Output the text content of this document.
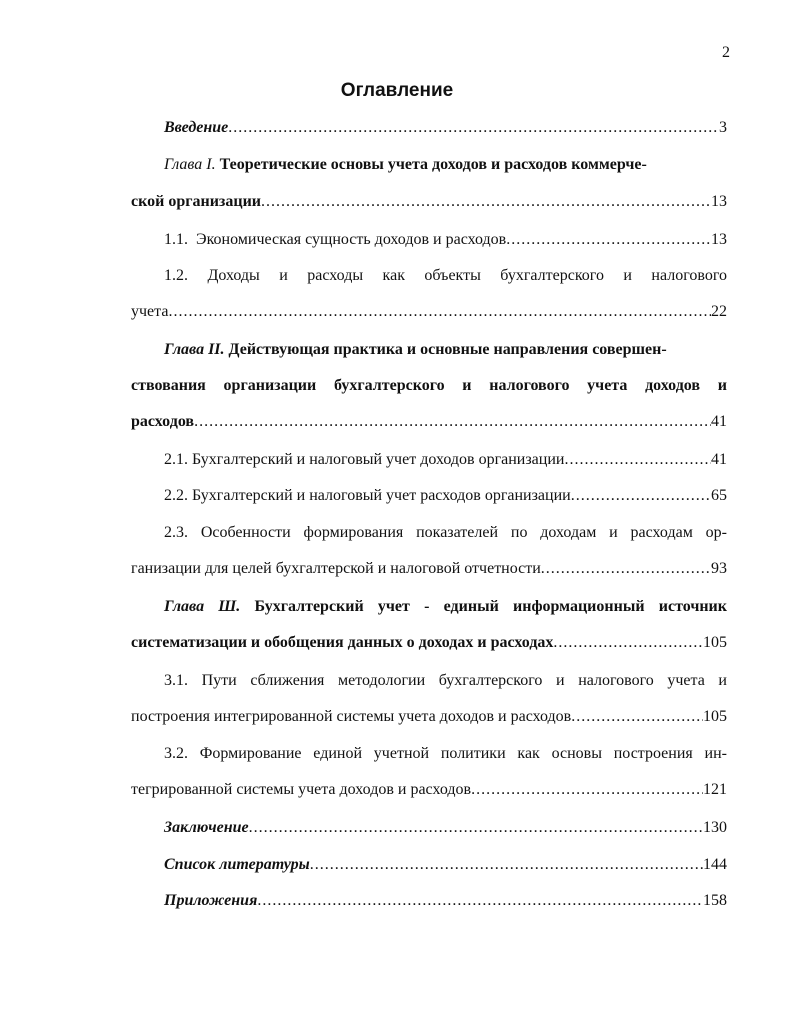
2
Оглавление
Введение .....	3
Глава I. Теоретические основы учета доходов и расходов коммерче-
ской организации .....	13
1.1.  Экономическая сущность доходов и расходов .....	13
1.2.  Доходы  и  расходы  как  объекты  бухгалтерского  и  налогового
учета .....	22
Глава II. Действующая практика и основные направления совершен-
ствования организации бухгалтерского и налогового учета доходов и
расходов .....	41
2.1. Бухгалтерский и налоговый учет доходов организации .....	41
2.2. Бухгалтерский и налоговый учет расходов организации .....	65
2.3. Особенности формирования показателей по доходам и расходам ор-
ганизации для целей бухгалтерской и налоговой отчетности .....	93
Глава Ш. Бухгалтерский учет - единый информационный источник
систематизации и обобщения данных о доходах и расходах .....	105
3.1. Пути сближения методологии бухгалтерского и налогового учета и
построения интегрированной системы учета доходов и расходов .....	105
3.2. Формирование единой учетной политики как основы построения ин-
тегрированной системы учета доходов и расходов .....	121
Заключение .....	130
Список литературы .....	144
Приложения .....	158
